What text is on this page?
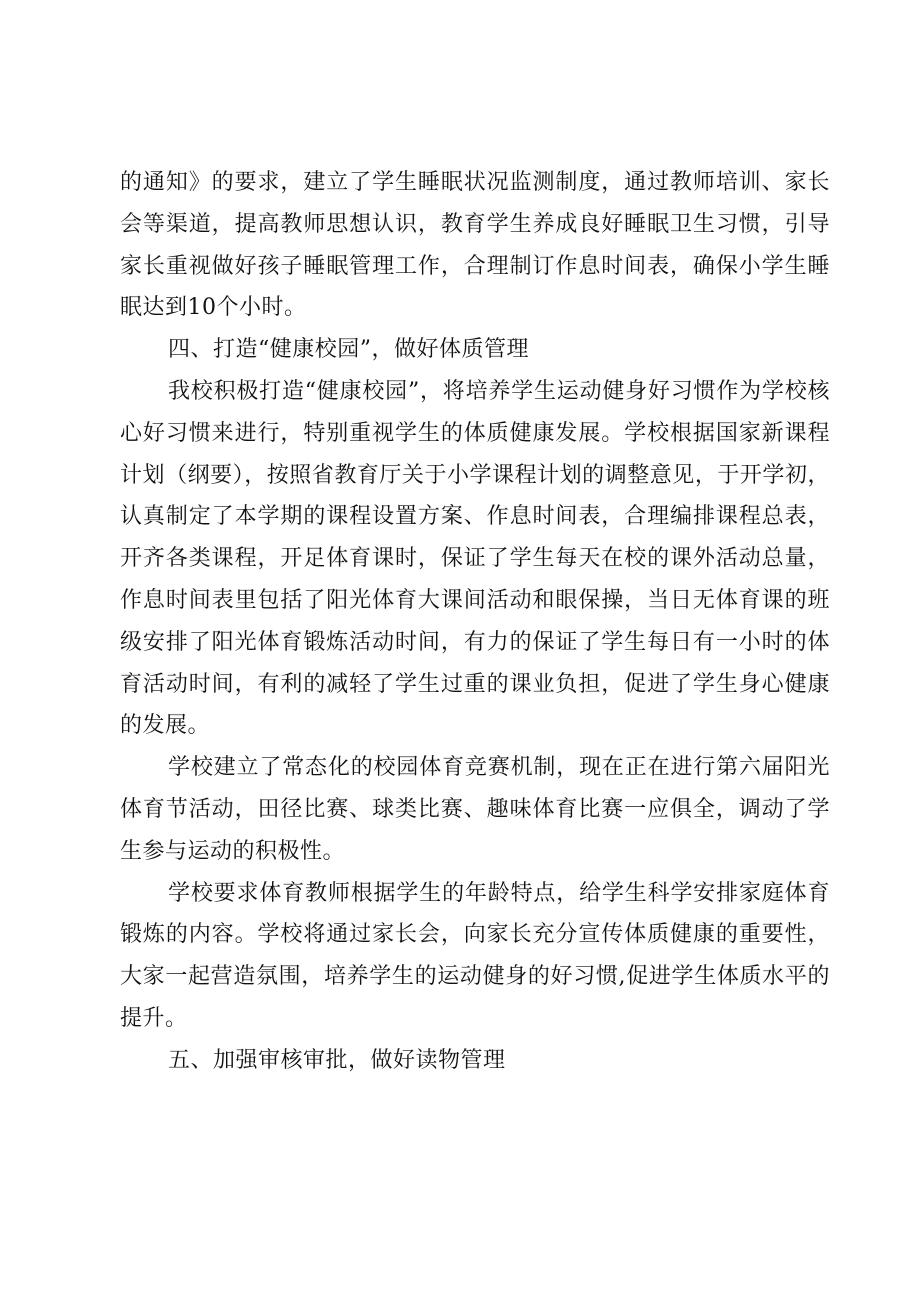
的通知》的要求，建立了学生睡眠状况监测制度，通过教师培训、家长会等渠道，提高教师思想认识，教育学生养成良好睡眠卫生习惯，引导家长重视做好孩子睡眠管理工作，合理制订作息时间表，确保小学生睡眠达到10个小时。

四、打造“健康校园”，做好体质管理

我校积极打造“健康校园”，将培养学生运动健身好习惯作为学校核心好习惯来进行，特别重视学生的体质健康发展。学校根据国家新课程计划（纲要），按照省教育厅关于小学课程计划的调整意见，于开学初，认真制定了本学期的课程设置方案、作息时间表，合理编排课程总表，开齐各类课程，开足体育课时，保证了学生每天在校的课外活动总量，作息时间表里包括了阳光体育大课间活动和眼保操，当日无体育课的班级安排了阳光体育锻炼活动时间，有力的保证了学生每日有一小时的体育活动时间，有利的减轻了学生过重的课业负担，促进了学生身心健康的发展。

学校建立了常态化的校园体育竞赛机制，现在正在进行第六届阳光体育节活动，田径比赛、球类比赛、趣味体育比赛一应俱全，调动了学生参与运动的积极性。

学校要求体育教师根据学生的年龄特点，给学生科学安排家庭体育锻炼的内容。学校将通过家长会，向家长充分宣传体质健康的重要性，大家一起营造氛围，培养学生的运动健身的好习惯,促进学生体质水平的提升。

五、加强审核审批，做好读物管理
